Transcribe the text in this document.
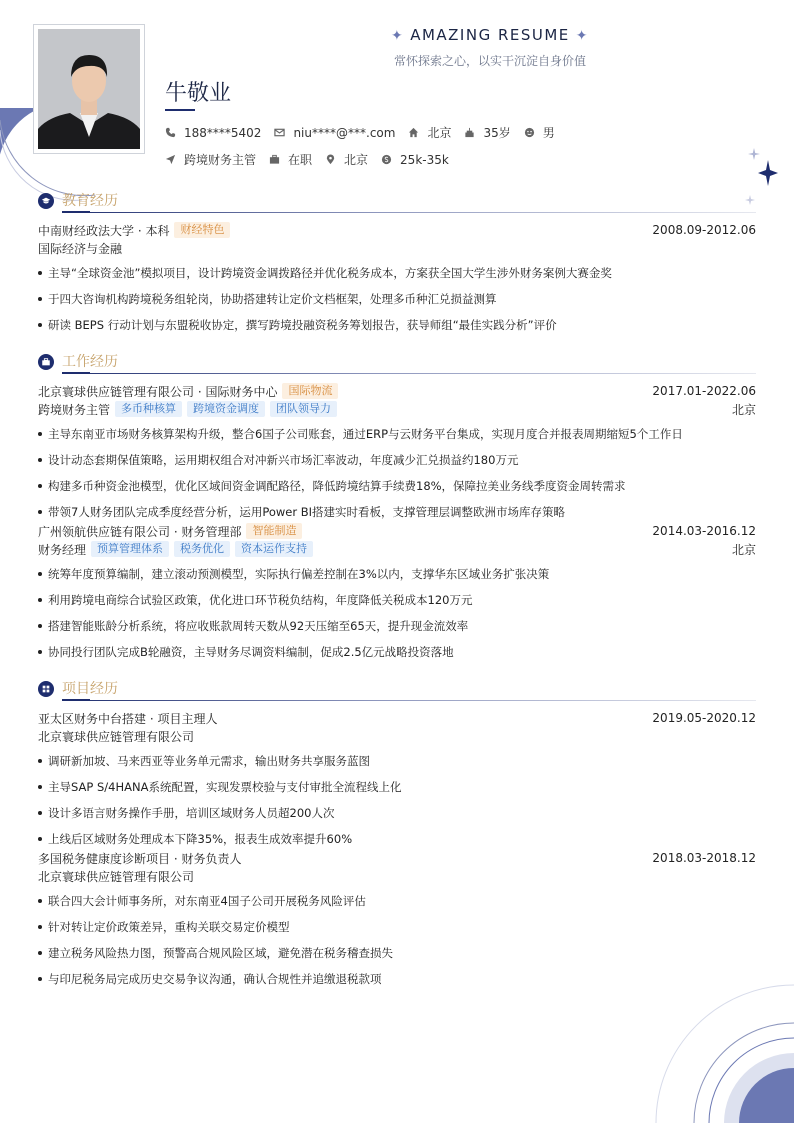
✦ AMAZING RESUME ✦
常怀探索之心，以实干沉淀自身价值
牛敬业
188****5402	niu****@***.com	北京	35岁	男
跨境财务主管	在职	北京	25k-35k
教育经历
中南财经政法大学 · 本科	财经特色	2008.09-2012.06
国际经济与金融
主导“全球资金池”模拟项目，设计跨境资金调拨路径并优化税务成本，方案获全国大学生涉外财务案例大赛金奖
于四大咨询机构跨境税务组轮岗，协助搭建转让定价文档框架，处理多币种汇兑损益测算
研读 BEPS 行动计划与东盟税收协定，撰写跨境投融资税务筹划报告，获导师组“最佳实践分析”评价
工作经历
北京寰球供应链管理有限公司 · 国际财务中心	国际物流	2017.01-2022.06
跨境财务主管	多币种核算	跨境资金调度	团队领导力	北京
主导东南亚市场财务核算架构升级，整合6国子公司账套，通过ERP与云财务平台集成，实现月度合并报表周期缩短5个工作日
设计动态套期保值策略，运用期权组合对冲新兴市场汇率波动，年度减少汇兑损益约180万元
构建多币种资金池模型，优化区域间资金调配路径，降低跨境结算手续费18%，保障拉美业务线季度资金周转需求
带领7人财务团队完成季度经营分析，运用Power BI搭建实时看板，支撑管理层调整欧洲市场库存策略
广州领航供应链有限公司 · 财务管理部	智能制造	2014.03-2016.12
财务经理	预算管理体系	税务优化	资本运作支持	北京
统筹年度预算编制，建立滚动预测模型，实际执行偏差控制在3%以内，支撑华东区域业务扩张决策
利用跨境电商综合试验区政策，优化进口环节税负结构，年度降低关税成本120万元
搭建智能账龄分析系统，将应收账款周转天数从92天压缩至65天，提升现金流效率
协同投行团队完成B轮融资，主导财务尽调资料编制，促成2.5亿元战略投资落地
项目经历
亚太区财务中台搭建 · 项目主理人	2019.05-2020.12
北京寰球供应链管理有限公司
调研新加坡、马来西亚等业务单元需求，输出财务共享服务蓝图
主导SAP S/4HANA系统配置，实现发票校验与支付审批全流程线上化
设计多语言财务操作手册，培训区域财务人员超200人次
上线后区域财务处理成本下降35%，报表生成效率提升60%
多国税务健康度诊断项目 · 财务负责人	2018.03-2018.12
北京寰球供应链管理有限公司
联合四大会计师事务所，对东南亚4国子公司开展税务风险评估
针对转让定价政策差异，重构关联交易定价模型
建立税务风险热力图，预警高合规风险区域，避免潜在税务稽查损失
与印尼税务局完成历史交易争议沟通，确认合规性并追缴退税款项
